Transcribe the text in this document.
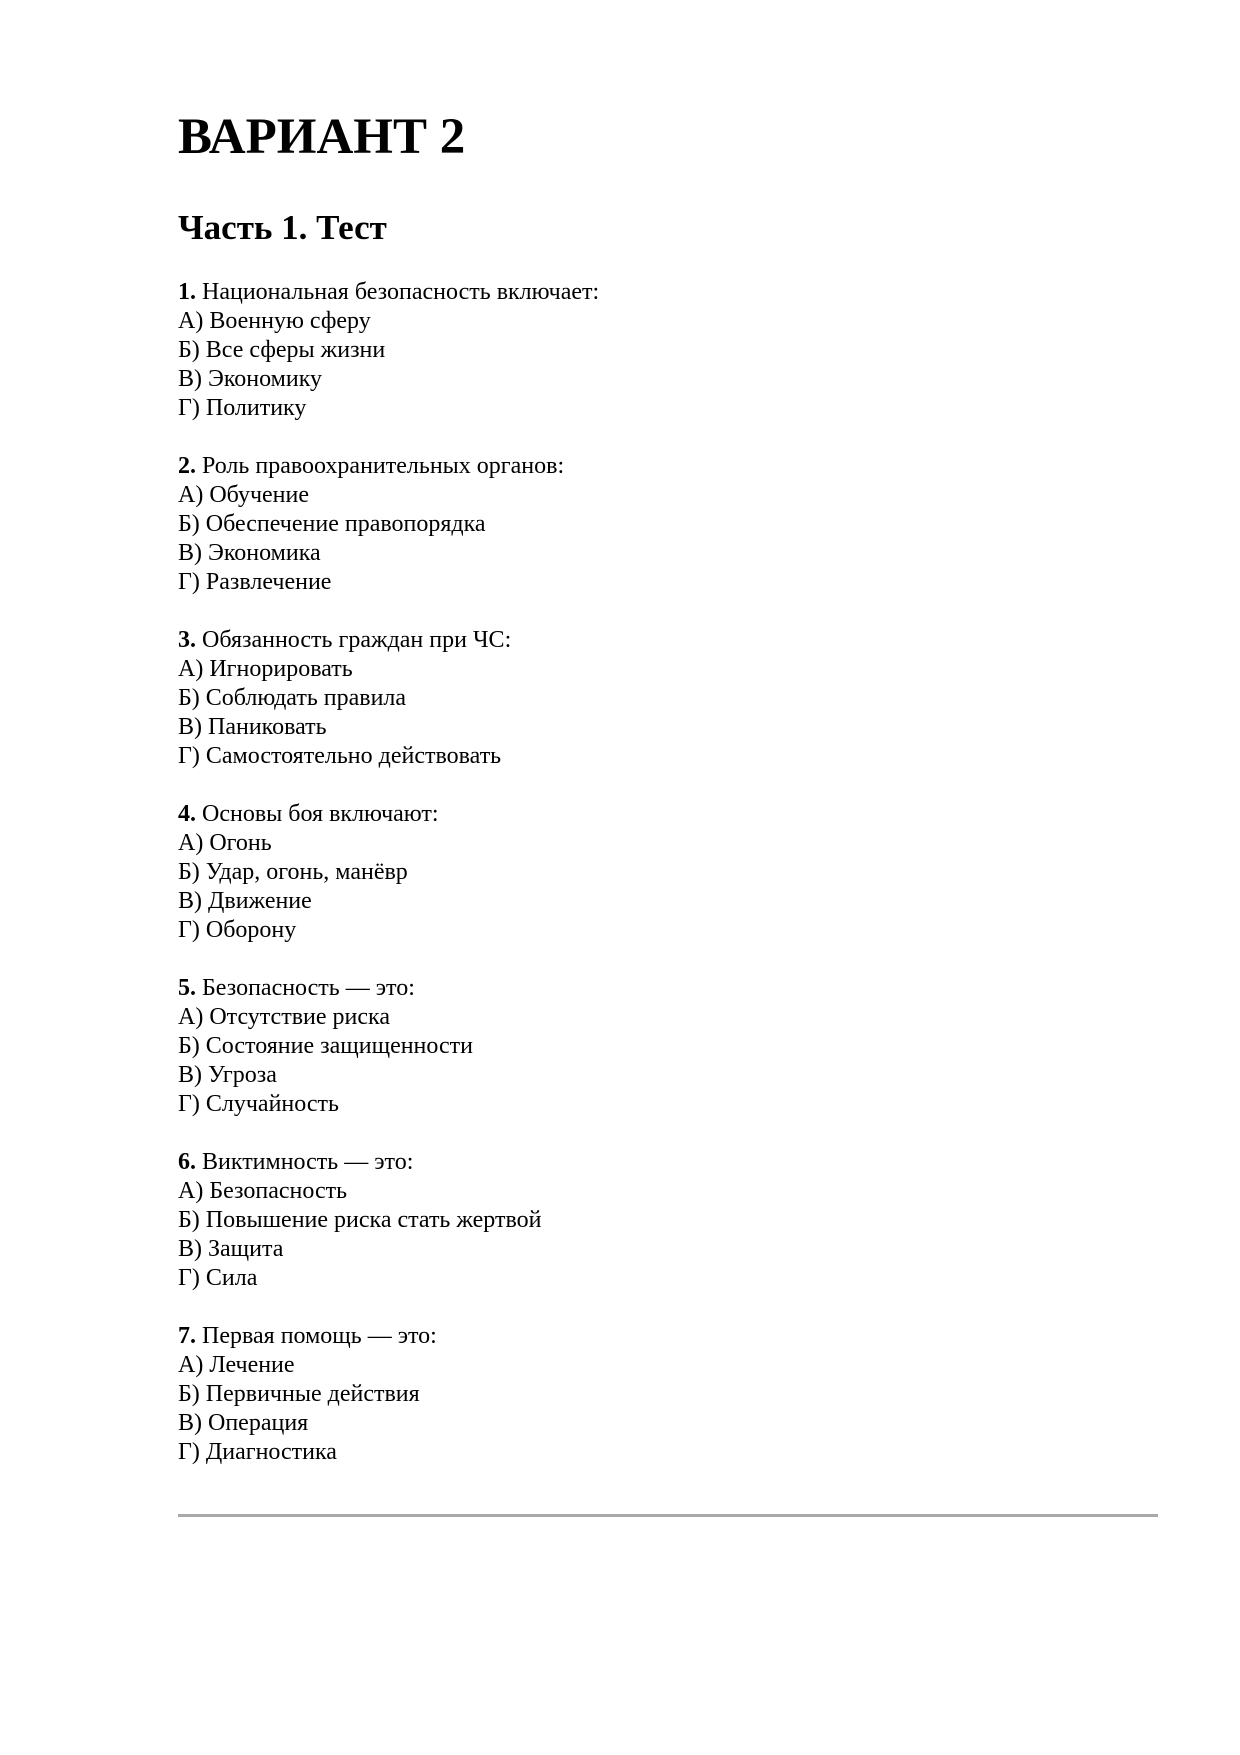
ВАРИАНТ 2
Часть 1. Тест
1. Национальная безопасность включает:
А) Военную сферу
Б) Все сферы жизни
В) Экономику
Г) Политику
2. Роль правоохранительных органов:
А) Обучение
Б) Обеспечение правопорядка
В) Экономика
Г) Развлечение
3. Обязанность граждан при ЧС:
А) Игнорировать
Б) Соблюдать правила
В) Паниковать
Г) Самостоятельно действовать
4. Основы боя включают:
А) Огонь
Б) Удар, огонь, манёвр
В) Движение
Г) Оборону
5. Безопасность — это:
А) Отсутствие риска
Б) Состояние защищенности
В) Угроза
Г) Случайность
6. Виктимность — это:
А) Безопасность
Б) Повышение риска стать жертвой
В) Защита
Г) Сила
7. Первая помощь — это:
А) Лечение
Б) Первичные действия
В) Операция
Г) Диагностика
